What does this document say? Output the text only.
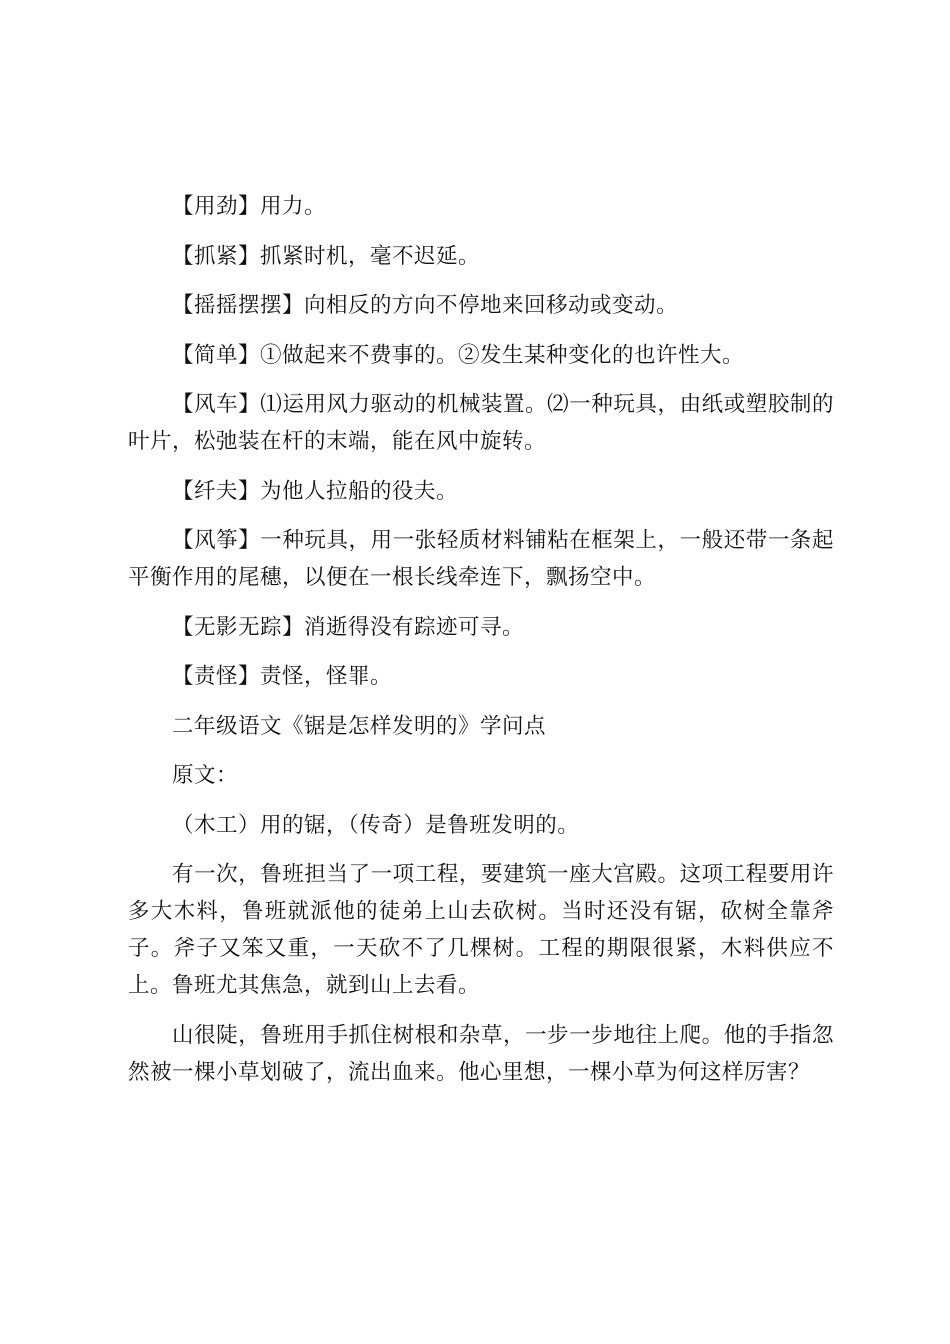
【用劲】用力。

【抓紧】抓紧时机，毫不迟延。

【摇摇摆摆】向相反的方向不停地来回移动或变动。

【简单】①做起来不费事的。②发生某种变化的也许性大。

【风车】⑴运用风力驱动的机械装置。⑵一种玩具，由纸或塑胶制的叶片，松弛装在杆的末端，能在风中旋转。

【纤夫】为他人拉船的役夫。

【风筝】一种玩具，用一张轻质材料铺粘在框架上，一般还带一条起平衡作用的尾穗，以便在一根长线牵连下，飘扬空中。

【无影无踪】消逝得没有踪迹可寻。

【责怪】责怪，怪罪。

二年级语文《锯是怎样发明的》学问点

原文：

（木工）用的锯，（传奇）是鲁班发明的。

有一次，鲁班担当了一项工程，要建筑一座大宫殿。这项工程要用许多大木料，鲁班就派他的徒弟上山去砍树。当时还没有锯，砍树全靠斧子。斧子又笨又重，一天砍不了几棵树。工程的期限很紧，木料供应不上。鲁班尤其焦急，就到山上去看。

山很陡，鲁班用手抓住树根和杂草，一步一步地往上爬。他的手指忽然被一棵小草划破了，流出血来。他心里想，一棵小草为何这样厉害？
